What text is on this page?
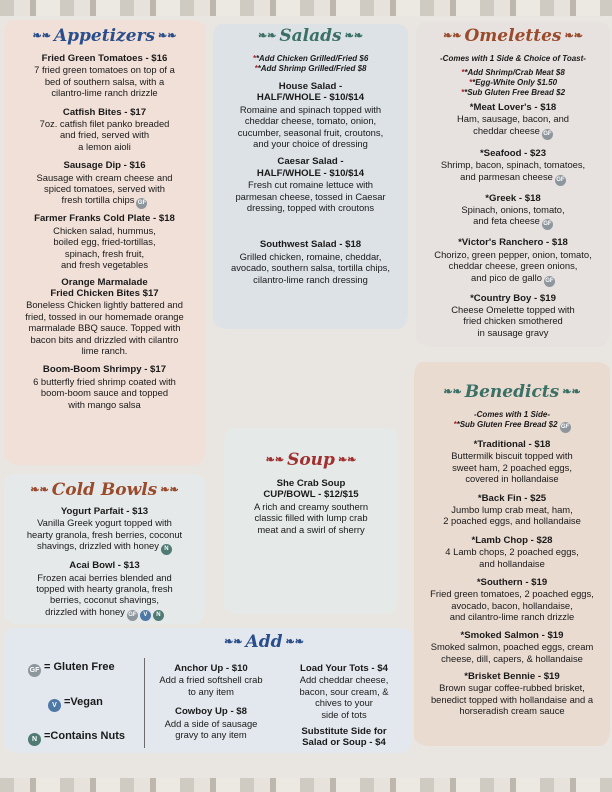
❧❧ Appetizers ❧❧	❧❧ Salads ❧❧	❧❧ Omelettes ❧❧
❧❧ Cold Bowls ❧❧
❧❧ Soup ❧❧
❧❧ Benedicts ❧❧
❧❧ Add ❧❧
Fried Green Tomatoes - $16
7 fried green tomatoes on top of a
bed of southern salsa, with a
cilantro-lime ranch drizzle
Catfish Bites - $17
7oz. catfish filet panko breaded
and fried, served with
a lemon aioli
Sausage Dip - $16
Sausage with cream cheese and
spiced tomatoes, served with
fresh tortilla chips GF
Farmer Franks Cold Plate - $18
Chicken salad, hummus,
boiled egg, fried-tortillas,
spinach, fresh fruit,
and fresh vegetables
Orange Marmalade
Fried Chicken Bites $17
Boneless Chicken lightly battered and
fried, tossed in our homemade orange
marmalade BBQ sauce. Topped with
bacon bits and drizzled with cilantro
lime ranch.
Boom-Boom Shrimpy - $17
6 butterfly fried shrimp coated with
boom-boom sauce and topped
with mango salsa
**Add Chicken Grilled/Fried $6
**Add Shrimp Grilled/Fried $8
House Salad -
HALF/WHOLE - $10/$14
Romaine and spinach topped with
cheddar cheese, tomato, onion,
cucumber, seasonal fruit, croutons,
and your choice of dressing
Caesar Salad -
HALF/WHOLE - $10/$14
Fresh cut romaine lettuce with
parmesan cheese, tossed in Caesar
dressing, topped with croutons
Southwest Salad - $18
Grilled chicken, romaine, cheddar,
avocado, southern salsa, tortilla chips,
cilantro-lime ranch dressing
-Comes with 1 Side & Choice of Toast-
**Add Shrimp/Crab Meat $8
**Egg-White Only $1.50
**Sub Gluten Free Bread $2
*Meat Lover's - $18
Ham, sausage, bacon, and
cheddar cheese GF
*Seafood - $23
Shrimp, bacon, spinach, tomatoes,
and parmesan cheese GF
*Greek - $18
Spinach, onions, tomato,
and feta cheese GF
*Victor's Ranchero - $18
Chorizo, green pepper, onion, tomato,
cheddar cheese, green onions,
and pico de gallo GF
*Country Boy - $19
Cheese Omelette topped with
fried chicken smothered
in sausage gravy
Yogurt Parfait - $13
Vanilla Greek yogurt topped with
hearty granola, fresh berries, coconut
shavings, drizzled with honey N
Acai Bowl - $13
Frozen acai berries blended and
topped with hearty granola, fresh
berries, coconut shavings,
drizzled with honey GF V N
She Crab Soup
CUP/BOWL - $12/$15
A rich and creamy southern
classic filled with lump crab
meat and a swirl of sherry
-Comes with 1 Side-
**Sub Gluten Free Bread $2 GF
*Traditional - $18
Buttermilk biscuit topped with
sweet ham, 2 poached eggs,
covered in hollandaise
*Back Fin - $25
Jumbo lump crab meat, ham,
2 poached eggs, and hollandaise
*Lamb Chop - $28
4 Lamb chops, 2 poached eggs,
and hollandaise
*Southern - $19
Fried green tomatoes, 2 poached eggs,
avocado, bacon, hollandaise,
and cilantro-lime ranch drizzle
*Smoked Salmon - $19
Smoked salmon, poached eggs, cream
cheese, dill, capers, & hollandaise
*Brisket Bennie - $19
Brown sugar coffee-rubbed brisket,
benedict topped with hollandaise and a
horseradish cream sauce
GF = Gluten Free
V =Vegan
N =Contains Nuts
Anchor Up - $10
Add a fried softshell crab
to any item
Cowboy Up - $8
Add a side of sausage
gravy to any item
Load Your Tots - $4
Add cheddar cheese,
bacon, sour cream, &
chives to your
side of tots
Substitute Side for
Salad or Soup - $4
